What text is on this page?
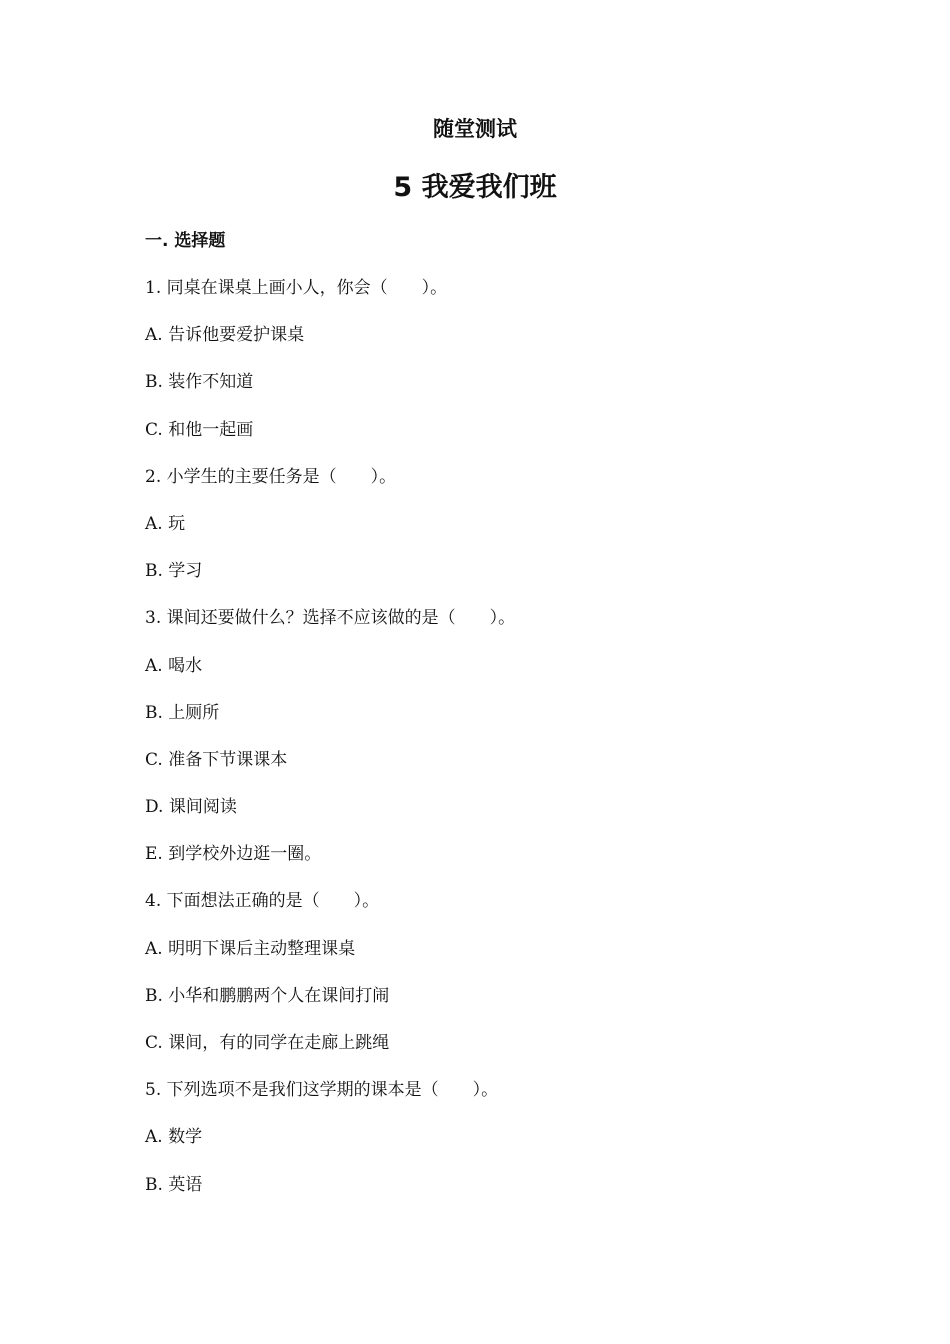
随堂测试
5 我爱我们班
一. 选择题
1. 同桌在课桌上画小人，你会（　　）。
A. 告诉他要爱护课桌
B. 装作不知道
C. 和他一起画
2. 小学生的主要任务是（　　）。
A. 玩
B. 学习
3. 课间还要做什么？选择不应该做的是（　　）。
A. 喝水
B. 上厕所
C. 准备下节课课本
D. 课间阅读
E. 到学校外边逛一圈。
4. 下面想法正确的是（　　）。
A. 明明下课后主动整理课桌
B. 小华和鹏鹏两个人在课间打闹
C. 课间，有的同学在走廊上跳绳
5. 下列选项不是我们这学期的课本是（　　）。
A. 数学
B. 英语
